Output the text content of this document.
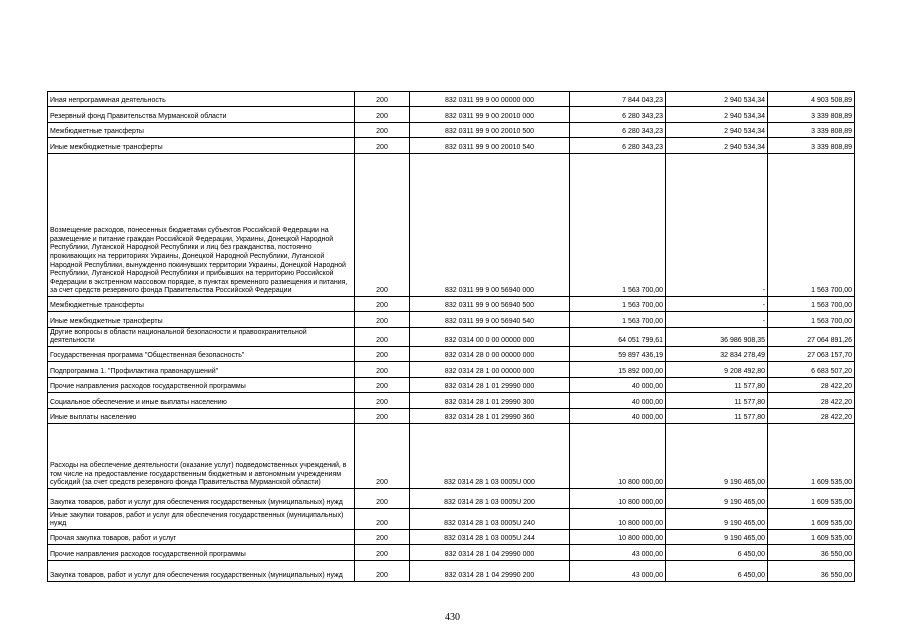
Иная непрограммная деятельность	200	832 0311 99 9 00 00000 000	7 844 043,23	2 940 534,34	4 903 508,89
Резервный фонд Правительства Мурманской области	200	832 0311 99 9 00 20010 000	6 280 343,23	2 940 534,34	3 339 808,89
Межбюджетные трансферты	200	832 0311 99 9 00 20010 500	6 280 343,23	2 940 534,34	3 339 808,89
Иные межбюджетные трансферты	200	832 0311 99 9 00 20010 540	6 280 343,23	2 940 534,34	3 339 808,89
Возмещение расходов, понесенных бюджетами субъектов Российской Федерации на размещение и питание граждан Российской Федерации, Украины, Донецкой Народной Республики, Луганской Народной Республики и лиц без гражданства, постоянно проживающих на территориях Украины, Донецкой Народной Республики, Луганской Народной Республики, вынужденно покинувших территории Украины, Донецкой Народной Республики, Луганской Народной Республики и прибывших на территорию Российской Федерации в экстренном массовом порядке, в пунктах временного размещения и питания, за счет средств резервного фонда Правительства Российской Федерации	200	832 0311 99 9 00 56940 000	1 563 700,00	-	1 563 700,00
Межбюджетные трансферты	200	832 0311 99 9 00 56940 500	1 563 700,00	-	1 563 700,00
Иные межбюджетные трансферты	200	832 0311 99 9 00 56940 540	1 563 700,00	-	1 563 700,00
Другие вопросы в области национальной безопасности и правоохранительной деятельности	200	832 0314 00 0 00 00000 000	64 051 799,61	36 986 908,35	27 064 891,26
Государственная программа "Общественная безопасность"	200	832 0314 28 0 00 00000 000	59 897 436,19	32 834 278,49	27 063 157,70
Подпрограмма 1. "Профилактика правонарушений"	200	832 0314 28 1 00 00000 000	15 892 000,00	9 208 492,80	6 683 507,20
Прочие направления расходов государственной программы	200	832 0314 28 1 01 29990 000	40 000,00	11 577,80	28 422,20
Социальное обеспечение и иные выплаты населению	200	832 0314 28 1 01 29990 300	40 000,00	11 577,80	28 422,20
Иные выплаты населению	200	832 0314 28 1 01 29990 360	40 000,00	11 577,80	28 422,20
Расходы на обеспечение деятельности (оказание услуг) подведомственных учреждений, в том числе на предоставление государственным бюджетным и автономным учреждениям субсидий (за счет средств резервного фонда Правительства Мурманской области)	200	832 0314 28 1 03 0005U 000	10 800 000,00	9 190 465,00	1 609 535,00
Закупка товаров, работ и услуг для обеспечения государственных (муниципальных) нужд	200	832 0314 28 1 03 0005U 200	10 800 000,00	9 190 465,00	1 609 535,00
Иные закупки товаров, работ и услуг для обеспечения государственных (муниципальных) нужд	200	832 0314 28 1 03 0005U 240	10 800 000,00	9 190 465,00	1 609 535,00
Прочая закупка товаров, работ и услуг	200	832 0314 28 1 03 0005U 244	10 800 000,00	9 190 465,00	1 609 535,00
Прочие направления расходов государственной программы	200	832 0314 28 1 04 29990 000	43 000,00	6 450,00	36 550,00
Закупка товаров, работ и услуг для обеспечения государственных (муниципальных) нужд	200	832 0314 28 1 04 29990 200	43 000,00	6 450,00	36 550,00
430
